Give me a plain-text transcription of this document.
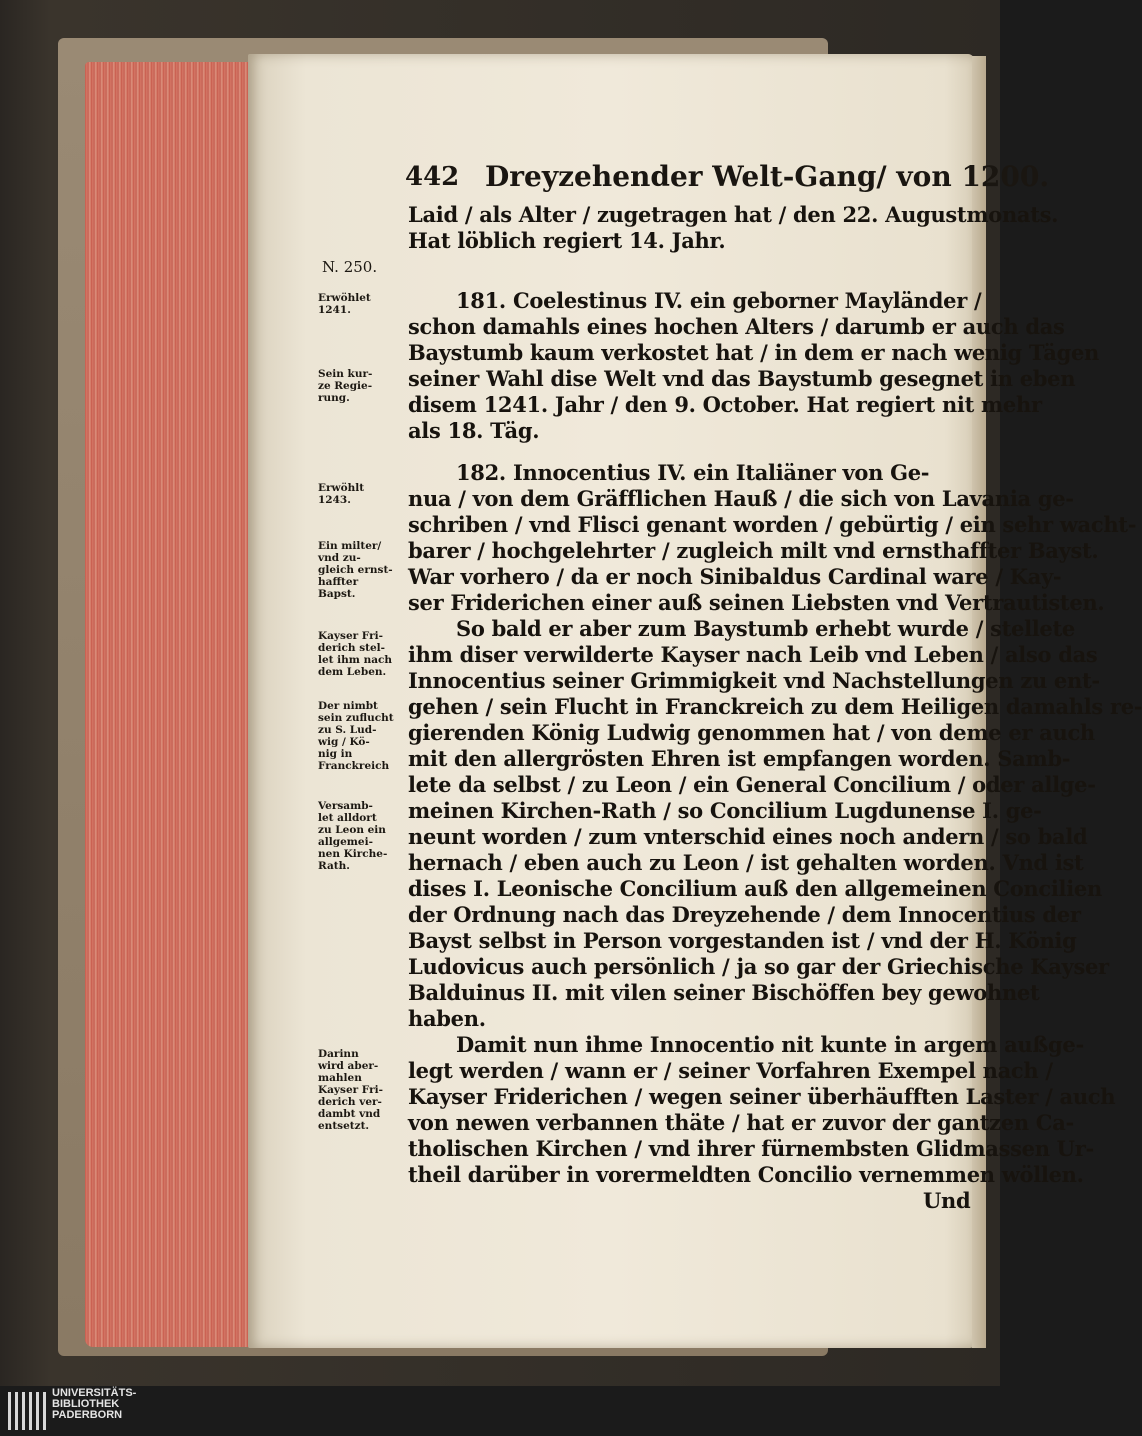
442 Dreyzehender Welt-Gang/ von 1200.
N. 250.
Laid / als Alter / zugetragen hat / den 22. Augustmonats.
Hat löblich regiert 14. Jahr.
181. Coelestinus IV. ein geborner Mayländer /
schon damahls eines hochen Alters / darumb er auch das
Baystumb kaum verkostet hat / in dem er nach wenig Tägen
seiner Wahl dise Welt vnd das Baystumb gesegnet in eben
disem 1241. Jahr / den 9. October. Hat regiert nit mehr
als 18. Täg.
182. Innocentius IV. ein Italiäner von Ge-
nua / von dem Gräfflichen Hauß / die sich von Lavania ge-
schriben / vnd Flisci genant worden / gebürtig / ein sehr wacht-
barer / hochgelehrter / zugleich milt vnd ernsthaffter Bayst.
War vorhero / da er noch Sinibaldus Cardinal ware / Kay-
ser Friderichen einer auß seinen Liebsten vnd Vertrautisten.
So bald er aber zum Baystumb erhebt wurde / stellete
ihm diser verwilderte Kayser nach Leib vnd Leben / also das
Innocentius seiner Grimmigkeit vnd Nachstellungen zu ent-
gehen / sein Flucht in Franckreich zu dem Heiligen damahls re-
gierenden König Ludwig genommen hat / von deme er auch
mit den allergrösten Ehren ist empfangen worden. Samb-
lete da selbst / zu Leon / ein General Concilium / oder allge-
meinen Kirchen-Rath / so Concilium Lugdunense I. ge-
neunt worden / zum vnterschid eines noch andern / so bald
hernach / eben auch zu Leon / ist gehalten worden. Vnd ist
dises I. Leonische Concilium auß den allgemeinen Concilien
der Ordnung nach das Dreyzehende / dem Innocentius der
Bayst selbst in Person vorgestanden ist / vnd der H. König
Ludovicus auch persönlich / ja so gar der Griechische Kayser
Balduinus II. mit vilen seiner Bischöffen bey gewohnet
haben.
Damit nun ihme Innocentio nit kunte in argem außge-
legt werden / wann er / seiner Vorfahren Exempel nach /
Kayser Friderichen / wegen seiner überhäufften Laster / auch
von newen verbannen thäte / hat er zuvor der gantzen Ca-
tholischen Kirchen / vnd ihrer fürnembsten Glidmassen Ur-
theil darüber in vorermeldten Concilio vernemmen wöllen.
Und
Erwöhlet
1241.
Sein kur-
ze Regie-
rung.
Erwöhlt
1243.
Ein milter/
vnd zu-
gleich ernst-
haffter
Bapst.
Kayser Fri-
derich stel-
let ihm nach
dem Leben.
Der nimbt
sein zuflucht
zu S. Lud-
wig / Kö-
nig in
Franckreich
Versamb-
let alldort
zu Leon ein
allgemei-
nen Kirche-
Rath.
Darinn
wird aber-
mahlen
Kayser Fri-
derich ver-
dambt vnd
entsetzt.
UNIVERSITÄTS-
BIBLIOTHEK
PADERBORN
